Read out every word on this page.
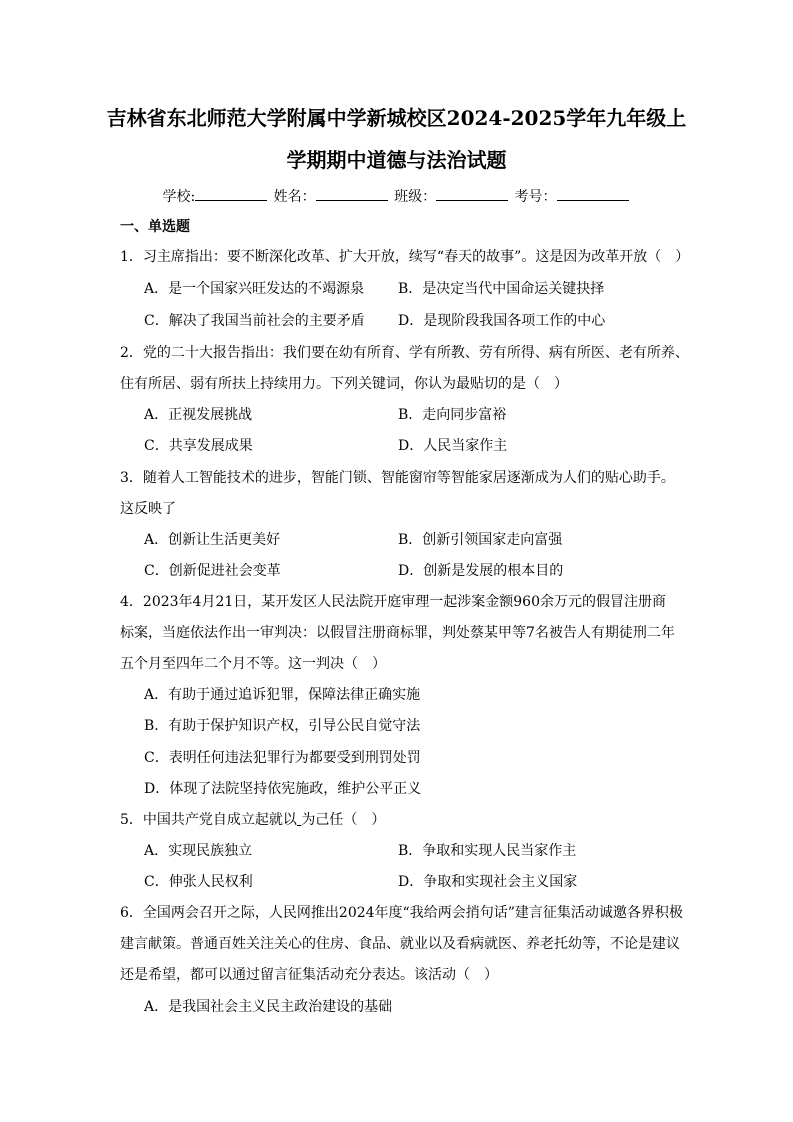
吉林省东北师范大学附属中学新城校区2024-2025学年九年级上
学期期中道德与法治试题
学校:	姓名：	班级：	考号：
一、单选题
1．习主席指出：要不断深化改革、扩大开放，续写“春天的故事”。这是因为改革开放（　）
A．是一个国家兴旺发达的不竭源泉 B．是决定当代中国命运关键抉择
C．解决了我国当前社会的主要矛盾 D．是现阶段我国各项工作的中心
2．党的二十大报告指出：我们要在幼有所育、学有所教、劳有所得、病有所医、老有所养、
住有所居、弱有所扶上持续用力。下列关键词，你认为最贴切的是（　）
A．正视发展挑战	B．走向同步富裕
C．共享发展成果	D．人民当家作主
3．随着人工智能技术的进步，智能门锁、智能窗帘等智能家居逐渐成为人们的贴心助手。
这反映了
A．创新让生活更美好	B．创新引领国家走向富强
C．创新促进社会变革	D．创新是发展的根本目的
4．2023年4月21日，某开发区人民法院开庭审理一起涉案金额960余万元的假冒注册商
标案，当庭依法作出一审判决：以假冒注册商标罪，判处蔡某甲等7名被告人有期徒刑二年
五个月至四年二个月不等。这一判决（　）
A．有助于通过追诉犯罪，保障法律正确实施
B．有助于保护知识产权，引导公民自觉守法
C．表明任何违法犯罪行为都要受到刑罚处罚
D．体现了法院坚持依宪施政，维护公平正义
5．中国共产党自成立起就以 为己任（　）
A．实现民族独立	B．争取和实现人民当家作主
C．伸张人民权利	D．争取和实现社会主义国家
6．全国两会召开之际，人民网推出2024年度“我给两会捎句话”建言征集活动诚邀各界积极
建言献策。普通百姓关注关心的住房、食品、就业以及看病就医、养老托幼等，不论是建议
还是希望，都可以通过留言征集活动充分表达。该活动（　）
A．是我国社会主义民主政治建设的基础
